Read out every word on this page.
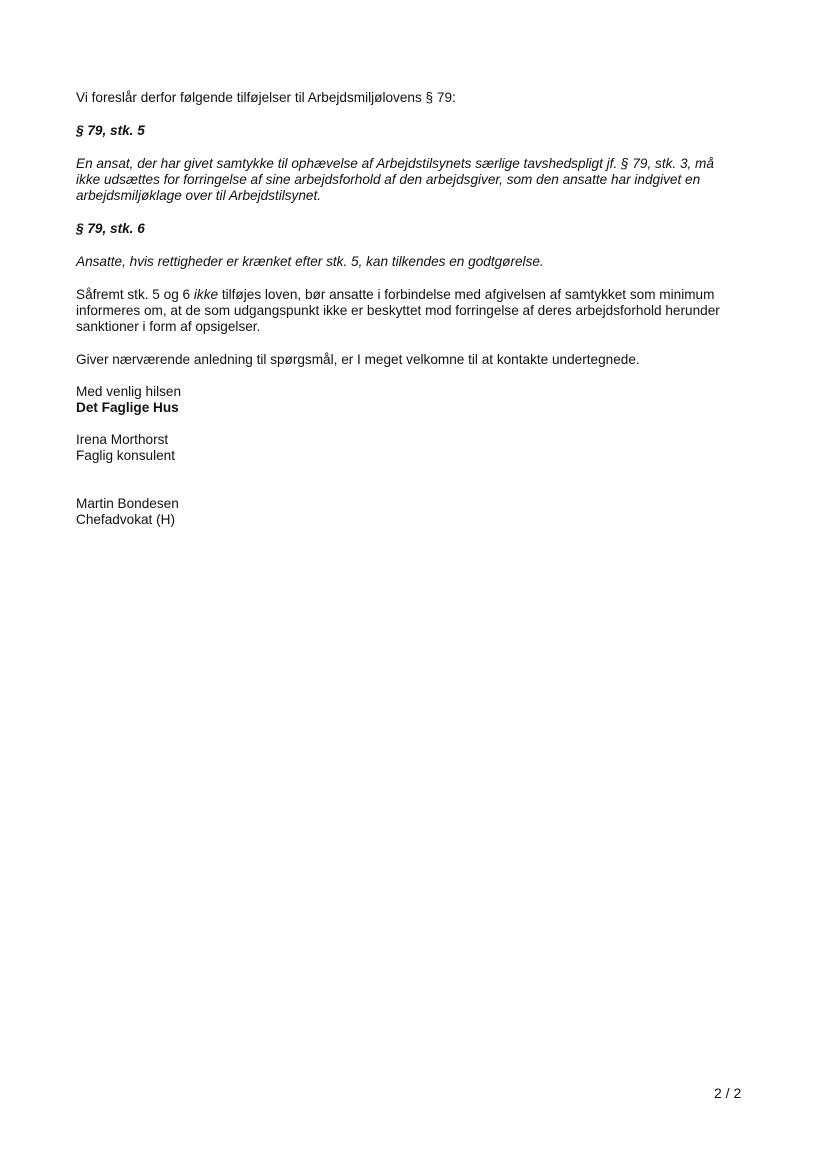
Vi foreslår derfor følgende tilføjelser til Arbejdsmiljølovens § 79:
§ 79, stk. 5
En ansat, der har givet samtykke til ophævelse af Arbejdstilsynets særlige tavshedspligt jf. § 79, stk. 3, må
ikke udsættes for forringelse af sine arbejdsforhold af den arbejdsgiver, som den ansatte har indgivet en
arbejdsmiljøklage over til Arbejdstilsynet.
§ 79, stk. 6
Ansatte, hvis rettigheder er krænket efter stk. 5, kan tilkendes en godtgørelse.
Såfremt stk. 5 og 6 ikke tilføjes loven, bør ansatte i forbindelse med afgivelsen af samtykket som minimum
informeres om, at de som udgangspunkt ikke er beskyttet mod forringelse af deres arbejdsforhold herunder
sanktioner i form af opsigelser.
Giver nærværende anledning til spørgsmål, er I meget velkomne til at kontakte undertegnede.
Med venlig hilsen
Det Faglige Hus
Irena Morthorst
Faglig konsulent
Martin Bondesen
Chefadvokat (H)
2 / 2
